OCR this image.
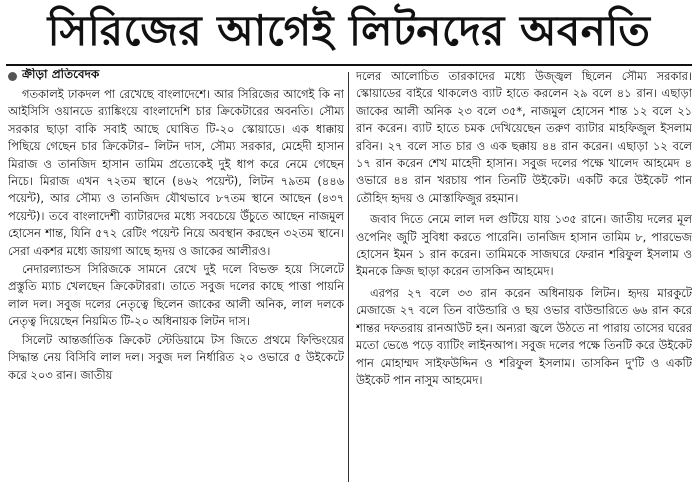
সিরিজের আগেই লিটনদের অবনতি
ক্রীড়া প্রতিবেদক

গতকালই ঢাকদল পা রেখেছে বাংলাদেশে। আর সিরিজের আগেই কি না আইসিসি ওয়ানডে র‌্যাঙ্কিংয়ে বাংলাদেশি চার ক্রিকেটারের অবনতি। সৌম্য সরকার ছাড়া বাকি সবাই আছে ঘোষিত টি-২০ স্কোয়াডে। এক ধাক্কায় পিছিয়ে গেছেন চার ক্রিকেটার– লিটন দাস, সৌম্য সরকার, মেহেদী হাসান মিরাজ ও তানজিদ হাসান তামিম প্রত্যেকেই দুই ধাপ করে নেমে গেছেন নিচে। মিরাজ এখন ৭২তম স্থানে (৪৬২ পয়েন্ট), লিটন ৭৯তম (৪৪৬ পয়েন্ট), আর সৌম্য ও তানজিদ যৌথভাবে ৮৭তম স্থানে আছেন (৪৩৭ পয়েন্ট)। তবে বাংলাদেশী ব্যাটারদের মধ্যে সবচেয়ে উঁচুতে আছেন নাজমুল হোসেন শান্ত, যিনি ৫৭২ রেটিং পয়েন্ট নিয়ে অবস্থান করছেন ৩২তম স্থানে। সেরা একশর মধ্যে জায়গা আছে হৃদয় ও জাকের আলীরও।

নেদারল্যান্ডস সিরিজকে সামনে রেখে দুই দলে বিভক্ত হয়ে সিলেটে প্রস্তুতি ম্যাচ খেলছেন ক্রিকেটাররা। তাতে সবুজ দলের কাছে পাত্তা পায়নি লাল দল। সবুজ দলের নেতৃত্বে ছিলেন জাকের আলী অনিক, লাল দলকে নেতৃত্ব দিয়েছেন নিয়মিত টি-২০ অধিনায়ক লিটন দাস।

সিলেট আন্তর্জাতিক ক্রিকেট স্টেডিয়ামে টস জিতে প্রথমে ফিল্ডিংয়ের সিদ্ধান্ত নেয় বিসিবি লাল দল। সবুজ দল নির্ধারিত ২০ ওভারে ৫ উইকেটে করে ২০৩ রান। জাতীয়

দলের আলোচিত তারকাদের মধ্যে উজ্জ্বল ছিলেন সৌম্য সরকার। স্কোয়াডের বাইরে থাকলেও ব্যাট হাতে করলেন ২৯ বলে ৪১ রান। এছাড়া জাকের আলী অনিক ২৩ বলে ৩৫*, নাজমুল হোসেন শান্ত ১২ বলে ২১ রান করেন। ব্যাট হাতে চমক দেখিয়েছেন তরুণ ব্যাটার মাহফিজুল ইসলাম রবিন। ২৭ বলে সাত চার ও এক ছক্কায় ৪৪ রান করেন। এছাড়া ১২ বলে ১৭ রান করেন শেখ মাহেদী হাসান। সবুজ দলের পক্ষে খালেদ আহমেদ ৪ ওভারে ৪৪ রান খরচায় পান তিনটি উইকেট। একটি করে উইকেট পান তৌহিদ হৃদয় ও মোস্তাফিজুর রহমান।

জবাব দিতে নেমে লাল দল গুটিয়ে যায় ১৩৫ রানে। জাতীয় দলের মূল ওপেনিং জুটি সুবিধা করতে পারেনি। তানজিদ হাসান তামিম ৮, পারভেজ হোসেন ইমন ১ রান করেন। তামিমকে সাজঘরে ফেরান শরিফুল ইসলাম ও ইমনকে ক্রিজ ছাড়া করেন তাসকিন আহমেদ।

এরপর ২৭ বলে ৩৩ রান করেন অধিনায়ক লিটন। হৃদয় মারকুটে মেজাজে ২৭ বলে তিন বাউন্ডারি ও ছয় ওভার বাউন্ডারিতে ৬৬ রান করে শান্তর দফতরায় রানআউট হন। অন্যরা জ্বলে উঠতে না পারায় তাসের ঘরের মতো ভেঙে পড়ে ব্যাটিং লাইনআপ। সবুজ দলের পক্ষে তিনটি করে উইকেট পান মোহাম্মদ সাইফউদ্দিন ও শরিফুল ইসলাম। তাসকিন দু'টি ও একটি উইকেট পান নাসুম আহমেদ।
